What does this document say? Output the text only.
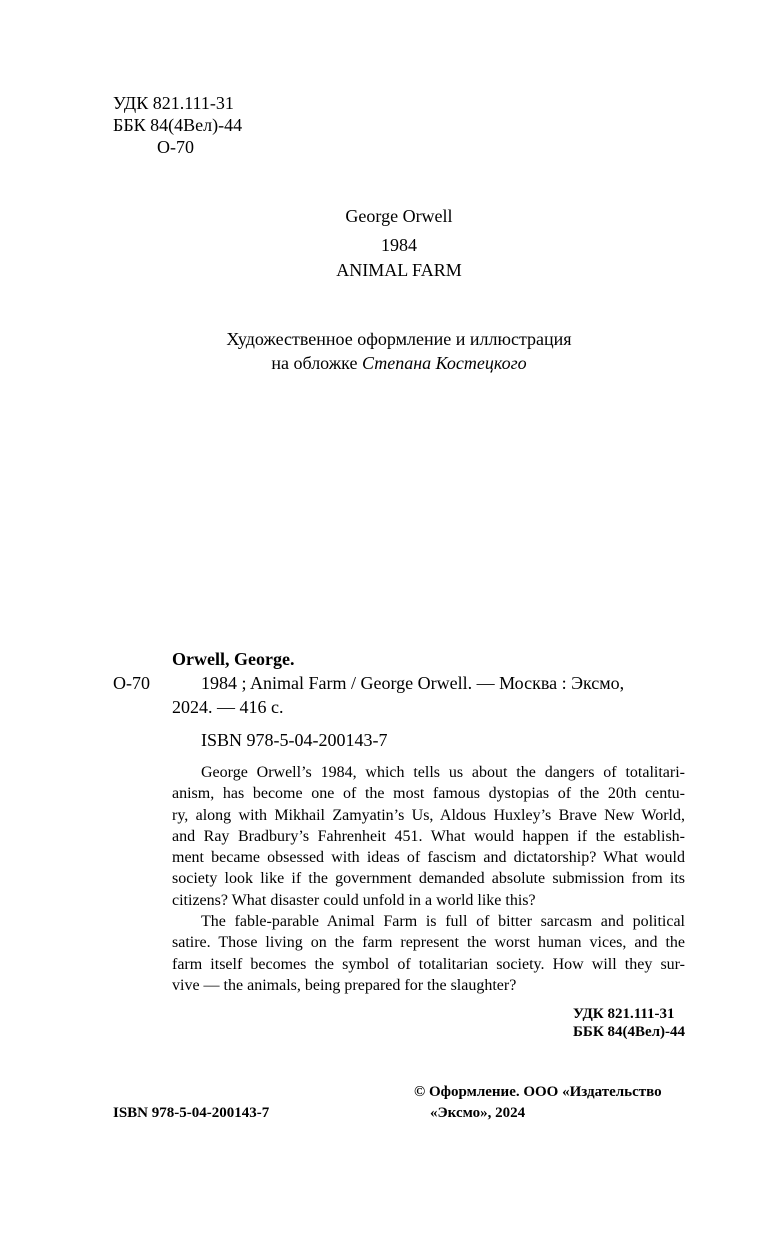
УДК 821.111-31
ББК 84(4Вел)-44
О-70
George Orwell
1984
ANIMAL FARM
Художественное оформление и иллюстрация
на обложке Степана Костецкого
Orwell, George.
О-70	1984 ; Animal Farm / George Orwell. — Москва : Эксмо,
2024. — 416 с.
ISBN 978-5-04-200143-7
George Orwell’s 1984, which tells us about the dangers of totalitari-
anism, has become one of the most famous dystopias of the 20th centu-
ry, along with Mikhail Zamyatin’s Us, Aldous Huxley’s Brave New World,
and Ray Bradbury’s Fahrenheit 451. What would happen if the establish-
ment became obsessed with ideas of fascism and dictatorship? What would
society look like if the government demanded absolute submission from its
citizens? What disaster could unfold in a world like this?
The fable-parable Animal Farm is full of bitter sarcasm and political
satire. Those living on the farm represent the worst human vices, and the
farm itself becomes the symbol of totalitarian society. How will they sur-
vive — the animals, being prepared for the slaughter?
УДК 821.111-31
ББК 84(4Вел)-44
ISBN 978-5-04-200143-7
© Оформление. ООО «Издательство
«Эксмо», 2024
